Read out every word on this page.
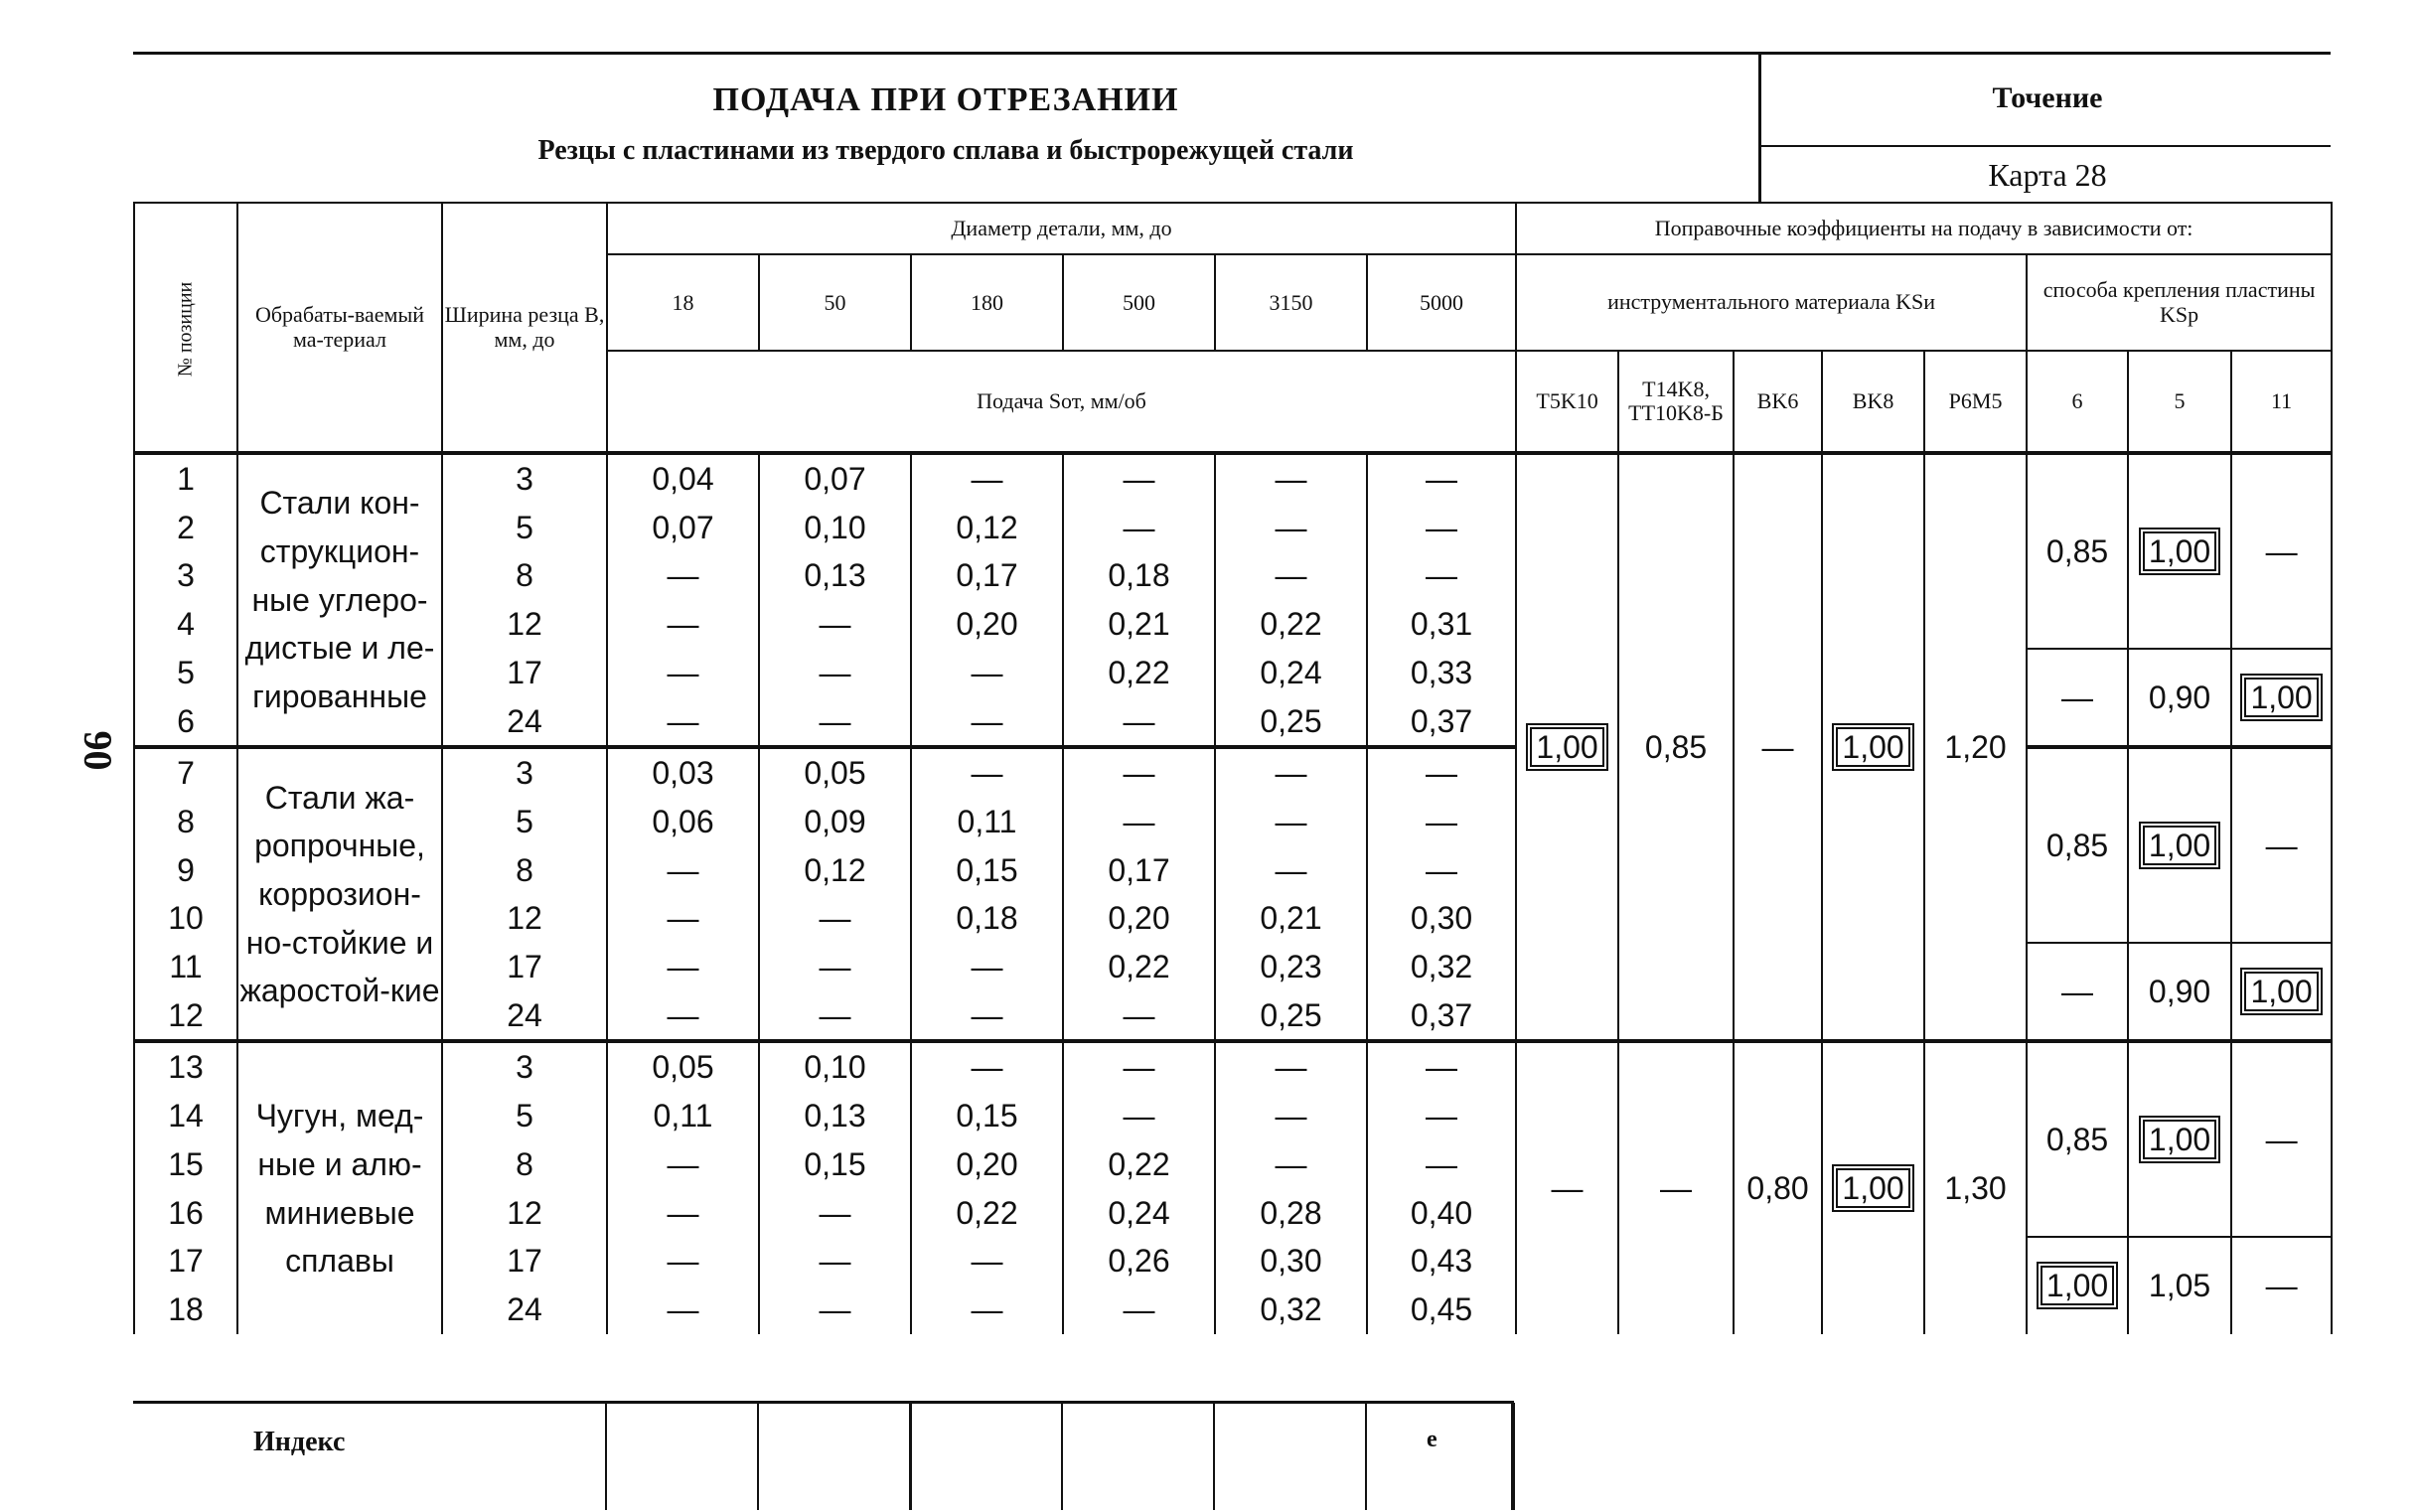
06
ПОДАЧА ПРИ ОТРЕЗАНИИ
Резцы с пластинами из твердого сплава и быстрорежущей стали
Точение
Карта 28
№ позиции	Обрабаты-ваемый ма-териал	Ширина резца B, мм, до	Диаметр детали, мм, до						Поправочные коэффициенты на подачу в зависимости от:							
			18	50	180	500	3150	5000	инструментального материала KSи					способа крепления пластины KSр		
			Подача Sот, мм/об						T5K10	T14K8, TT10K8-Б	BK6	BK8	P6M5	6	5	11
1	Стали кон-струкцион-ные углеро-дистые и ле-гированные	3	0,04	0,07	—	—	—	—	1,00	0,85	—	1,00	1,20	0,85	1,00	—
2		5	0,07	0,10	0,12	—	—	—								
3		8	—	0,13	0,17	0,18	—	—								
4		12	—	—	0,20	0,21	0,22	0,31								
5		17	—	—	—	0,22	0,24	0,33						—	0,90	1,00
6		24	—	—	—	—	0,25	0,37								
7	Стали жа-ропрочные, коррозион-но-стойкие и жаростой-кие	3	0,03	0,05	—	—	—	—						0,85	1,00	—
8		5	0,06	0,09	0,11	—	—	—								
9		8	—	0,12	0,15	0,17	—	—								
10		12	—	—	0,18	0,20	0,21	0,30								
11		17	—	—	—	0,22	0,23	0,32						—	0,90	1,00
12		24	—	—	—	—	0,25	0,37								
13	Чугун, мед-ные и алю-миниевые сплавы	3	0,05	0,10	—	—	—	—	—	—	0,80	1,00	1,30	0,85	1,00	—
14		5	0,11	0,13	0,15	—	—	—								
15		8	—	0,15	0,20	0,22	—	—								
16		12	—	—	0,22	0,24	0,28	0,40								
17		17	—	—	—	0,26	0,30	0,43						1,00	1,05	—
18		24	—	—	—	—	0,32	0,45								
Индекс	е
